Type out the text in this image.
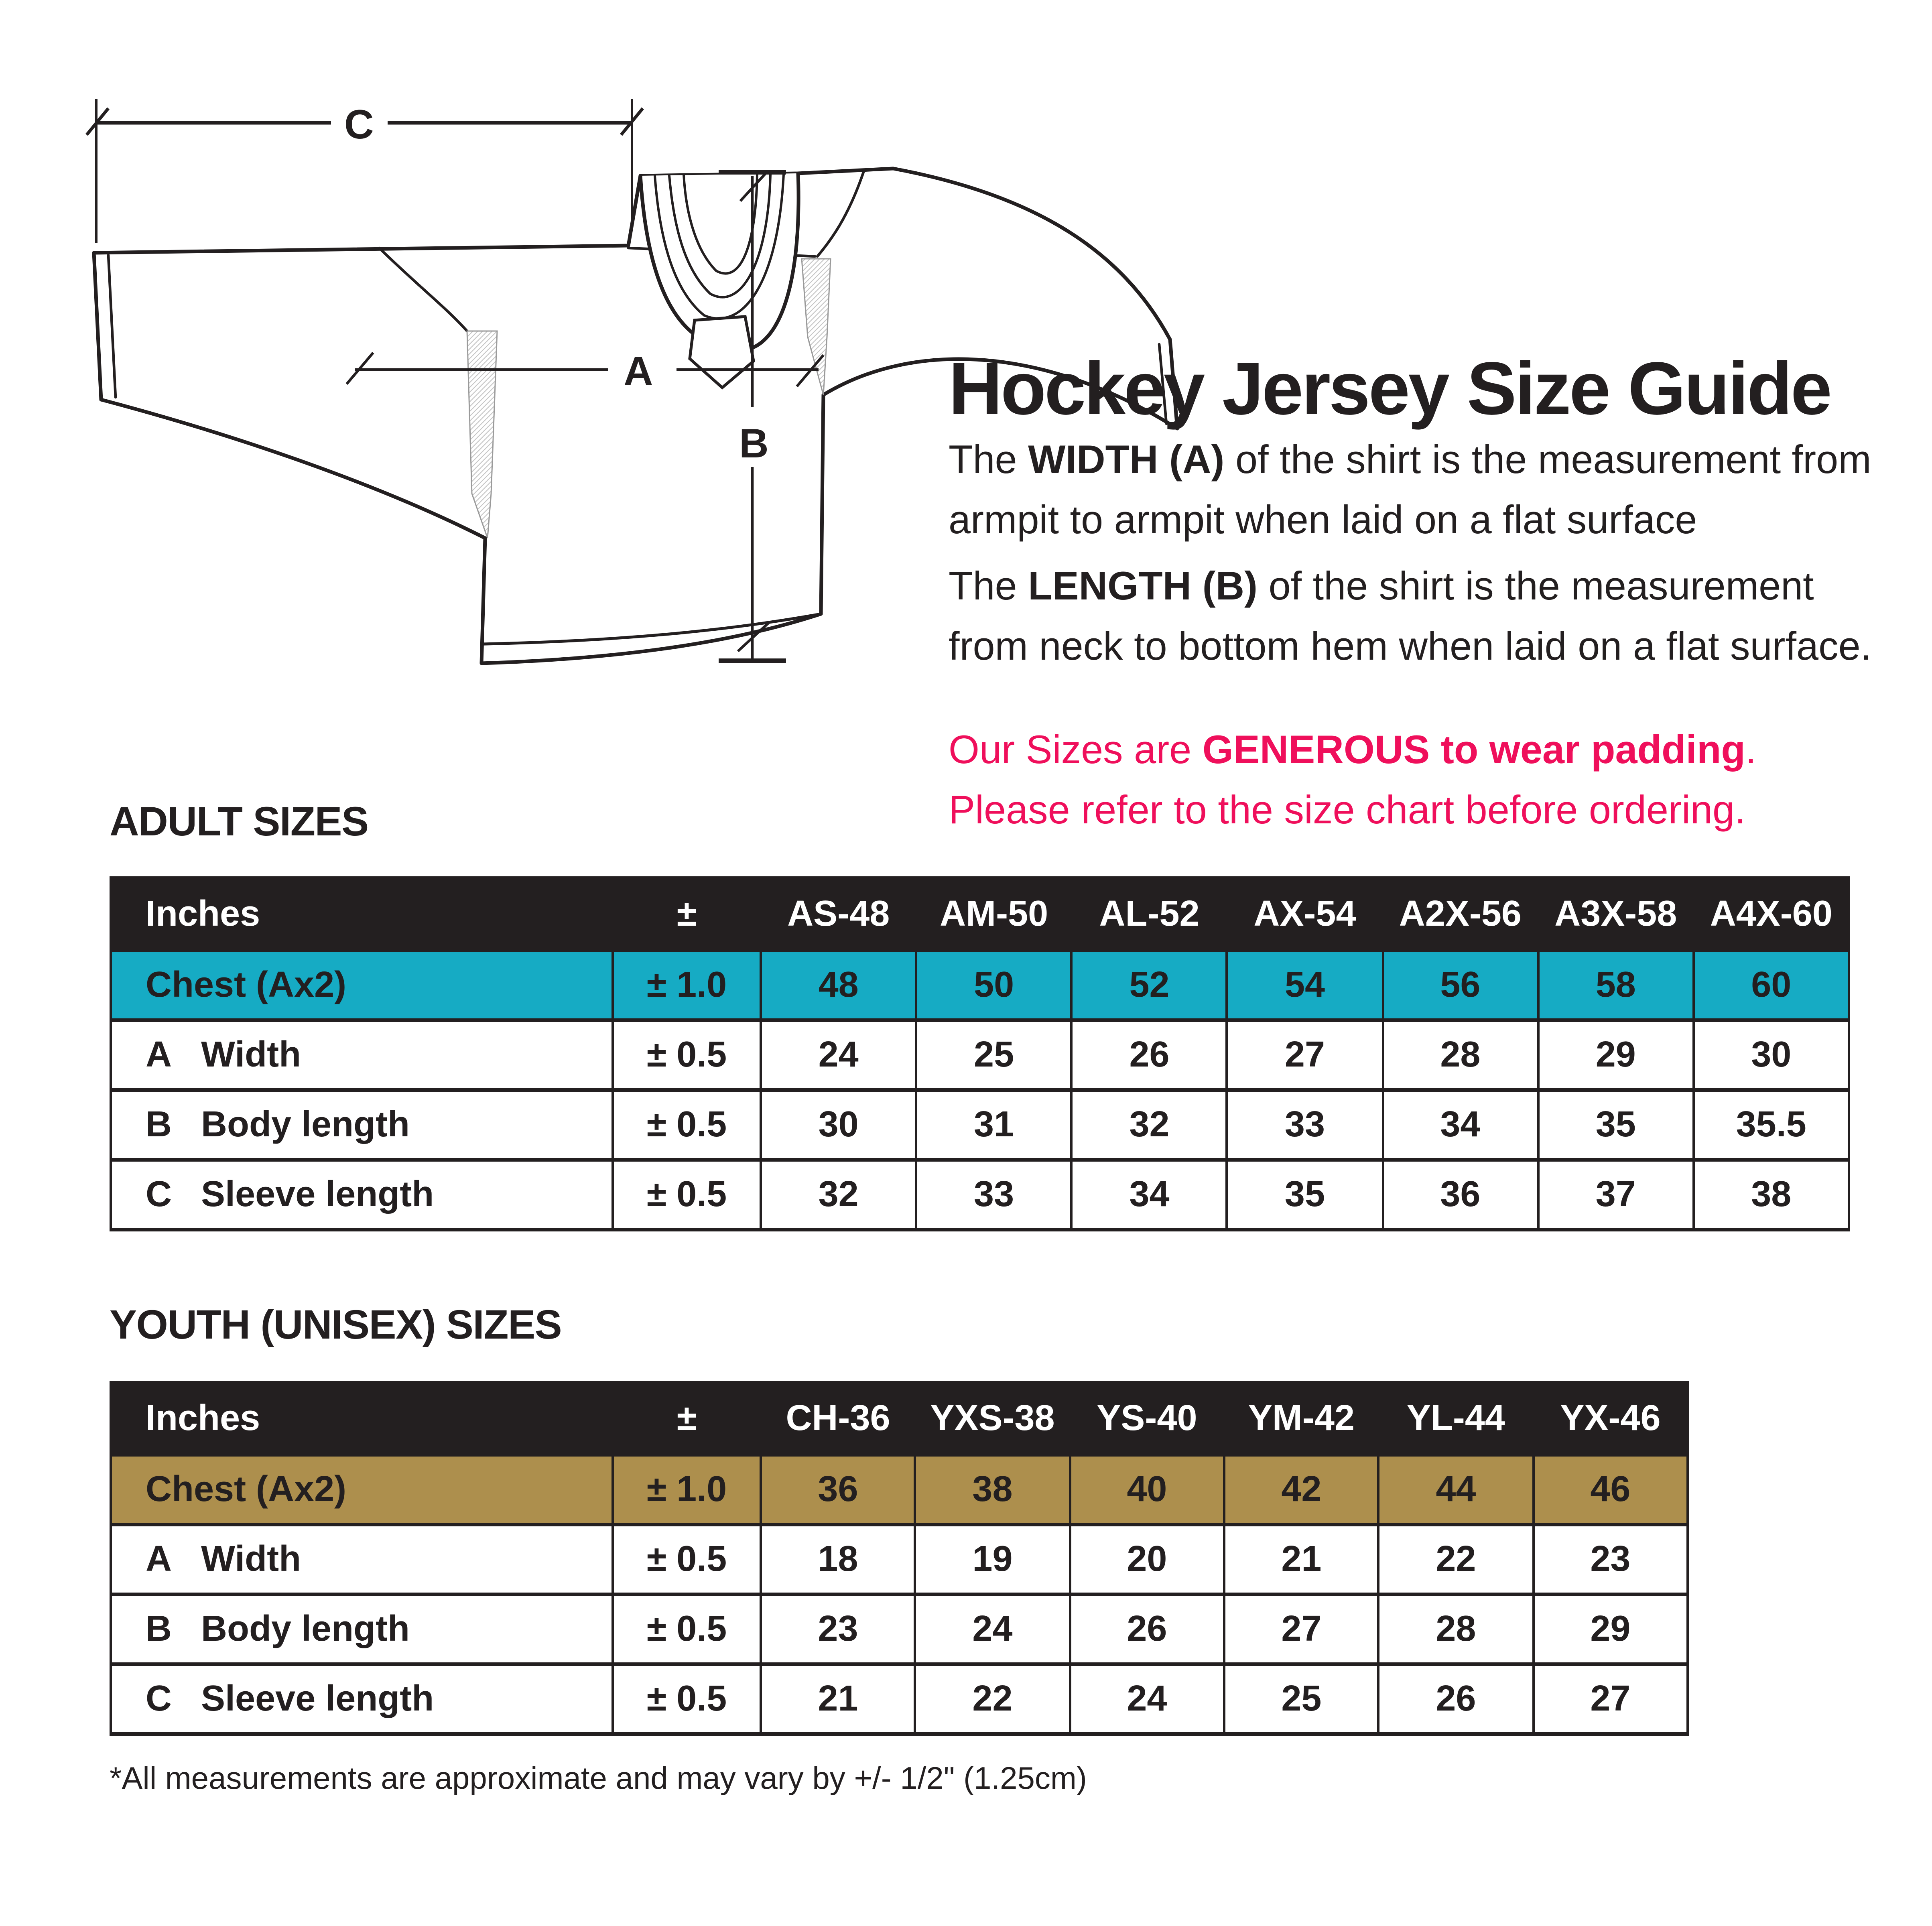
C
A
B
Hockey Jersey Size Guide
The WIDTH (A) of the shirt is the measurement from
armpit to armpit when laid on a flat surface
The LENGTH (B) of the shirt is the measurement
from neck to bottom hem when laid on a flat surface.
Our Sizes are GENEROUS to wear padding.
Please refer to the size chart before ordering.
ADULT SIZES
Inches	±	AS-48	AM-50	AL-52	AX-54	A2X-56	A3X-58	A4X-60
Chest (Ax2)	± 1.0	48	50	52	54	56	58	60
A Width	± 0.5	24	25	26	27	28	29	30
B Body length	± 0.5	30	31	32	33	34	35	35.5
C Sleeve length	± 0.5	32	33	34	35	36	37	38
YOUTH (UNISEX) SIZES
Inches	±	CH-36	YXS-38	YS-40	YM-42	YL-44	YX-46
Chest (Ax2)	± 1.0	36	38	40	42	44	46
A Width	± 0.5	18	19	20	21	22	23
B Body length	± 0.5	23	24	26	27	28	29
C Sleeve length	± 0.5	21	22	24	25	26	27
*All measurements are approximate and may vary by +/- 1/2" (1.25cm)
